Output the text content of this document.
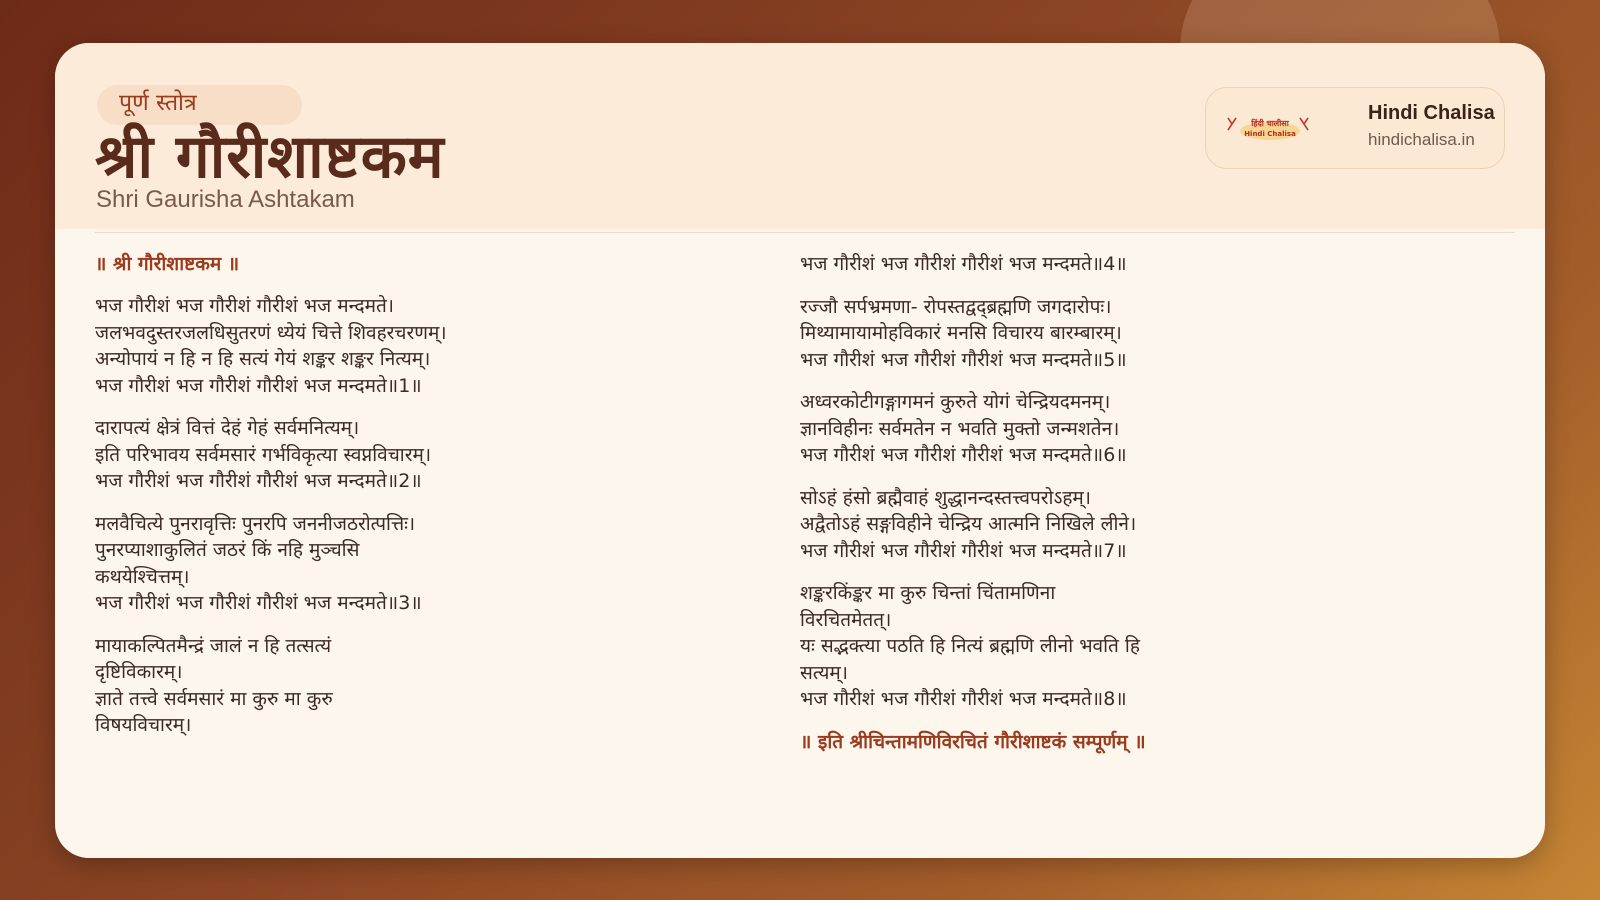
पूर्ण स्तोत्र
श्री गौरीशाष्टकम
Shri Gaurisha Ashtakam
हिंदी चालीसा
Hindi Chalisa
Hindi Chalisa
hindichalisa.in
॥ श्री गौरीशाष्टकम ॥
भज गौरीशं भज गौरीशं गौरीशं भज मन्दमते।
जलभवदुस्तरजलधिसुतरणं ध्येयं चित्ते शिवहरचरणम्।
अन्योपायं न हि न हि सत्यं गेयं शङ्कर शङ्कर नित्यम्।
भज गौरीशं भज गौरीशं गौरीशं भज मन्दमते॥1॥
दारापत्यं क्षेत्रं वित्तं देहं गेहं सर्वमनित्यम्।
इति परिभावय सर्वमसारं गर्भविकृत्या स्वप्नविचारम्।
भज गौरीशं भज गौरीशं गौरीशं भज मन्दमते॥2॥
मलवैचित्ये पुनरावृत्तिः पुनरपि जननीजठरोत्पत्तिः।
पुनरप्याशाकुलितं जठरं किं नहि मुञ्चसि
कथयेश्चित्तम्।
भज गौरीशं भज गौरीशं गौरीशं भज मन्दमते॥3॥
मायाकल्पितमैन्द्रं जालं न हि तत्सत्यं
दृष्टिविकारम्।
ज्ञाते तत्त्वे सर्वमसारं मा कुरु मा कुरु
विषयविचारम्।
भज गौरीशं भज गौरीशं गौरीशं भज मन्दमते॥4॥
रज्जौ सर्पभ्रमणा- रोपस्तद्वद्ब्रह्मणि जगदारोपः।
मिथ्यामायामोहविकारं मनसि विचारय बारम्बारम्।
भज गौरीशं भज गौरीशं गौरीशं भज मन्दमते॥5॥
अध्वरकोटीगङ्गागमनं कुरुते योगं चेन्द्रियदमनम्।
ज्ञानविहीनः सर्वमतेन न भवति मुक्तो जन्मशतेन।
भज गौरीशं भज गौरीशं गौरीशं भज मन्दमते॥6॥
सोऽहं हंसो ब्रह्मैवाहं शुद्धानन्दस्तत्त्वपरोऽहम्।
अद्वैतोऽहं सङ्गविहीने चेन्द्रिय आत्मनि निखिले लीने।
भज गौरीशं भज गौरीशं गौरीशं भज मन्दमते॥7॥
शङ्करकिंङ्कर मा कुरु चिन्तां चिंतामणिना
विरचितमेतत्।
यः सद्भक्त्या पठति हि नित्यं ब्रह्मणि लीनो भवति हि
सत्यम्।
भज गौरीशं भज गौरीशं गौरीशं भज मन्दमते॥8॥
॥ इति श्रीचिन्तामणिविरचितं गौरीशाष्टकं सम्पूर्णम् ॥
